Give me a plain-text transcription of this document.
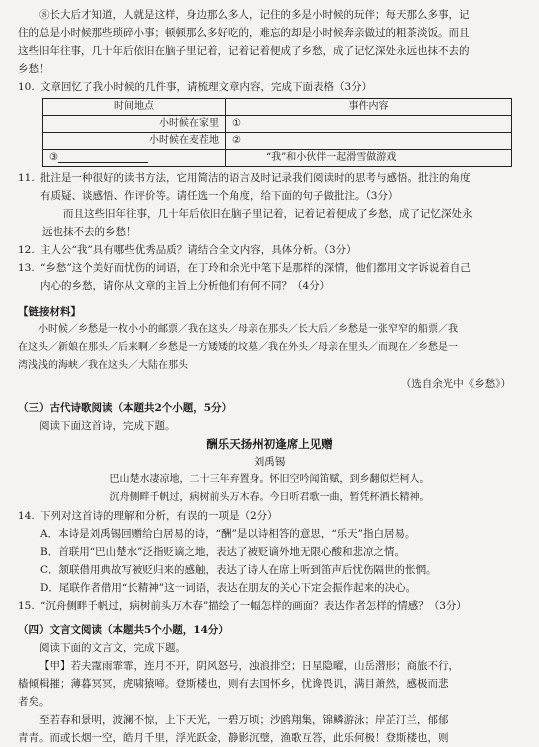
⑧长大后才知道，人就是这样，身边那么多人，记住的多是小时候的玩伴；每天那么多事，记
住的总是小时候那些琐碎小事；顿顿那么多好吃的，难忘的却是小时候奔亲做过的粗茶淡饭。而且
这些旧年往事，几十年后依旧在脑子里记着，记着记着便成了乡愁，成了记忆深处永远也抹不去的
乡愁！

10. 文章回忆了我小时候的几件事，请梳理文章内容，完成下面表格（3分）

时间地点	事件内容
小时候在家里	①
小时候在麦茬地	②
③	“我”和小伙伴一起滑雪做游戏

11. 批注是一种很好的读书方法，它用简洁的语言及时记录我们阅读时的思考与感悟。批注的角度
有质疑、谈感悟、作评价等。请任选一个角度，给下面的句子做批注。（3分）

而且这些旧年往事，几十年后依旧在脑子里记着，记着记着便成了乡愁，成了记忆深处永
远也抹不去的乡愁！

12. 主人公“我”具有哪些优秀品质？请结合全文内容，具体分析。（3分）

13. “乡愁”这个美好而忧伤的词语，在丁玲和余光中笔下是那样的深情，他们都用文字诉说着自己
内心的乡愁，请你从文章的主旨上分析他们有何不同？（4分）

【链接材料】

小时候／乡愁是一枚小小的邮票／我在这头／母亲在那头／长大后／乡愁是一张窄窄的船票／我
在这头／新娘在那头／后来啊／乡愁是一方矮矮的坟墓／我在外头／母亲在里头／而现在／乡愁是一
湾浅浅的海峡／我在这头／大陆在那头

（选自余光中《乡愁》）

（三）古代诗歌阅读（本题共2个小题，5分）

阅读下面这首诗，完成下题。

酬乐天扬州初逢席上见赠

刘禹锡

巴山楚水凄凉地，二十三年弃置身。怀旧空吟闻笛赋，到乡翻似烂柯人。
沉舟侧畔千帆过，病树前头万木春。今日听君歌一曲，暂凭杯酒长精神。

14. 下列对这首诗的理解和分析，有误的一项是（2分）

A．本诗是刘禹锡回赠给白居易的诗，“酬”是以诗相答的意思，“乐天”指白居易。

B．首联用“巴山楚水”泛指贬谪之地，表达了被贬谪外地无限心酸和悲凉之情。

C．颔联借用典故写被贬归来的感触，表达了诗人在席上听到笛声后忧伤隔世的怅惘。

D．尾联作者借用“长精神”这一词语，表达在朋友的关心下定会振作起来的决心。

15. “沉舟侧畔千帆过，病树前头万木春”描绘了一幅怎样的画面？表达作者怎样的情感？（3分）

（四）文言文阅读（本题共5个小题，14分）

阅读下面的文言文，完成下题。

【甲】若夫霪雨霏霏，连月不开，阴风怒号，浊浪排空；日星隐曜，山岳潜形；商旅不行，
樯倾楫摧；薄暮冥冥，虎啸猿啼。登斯楼也，则有去国怀乡，忧谗畏讥，满目萧然，感极而悲
者矣。

至若春和景明，波澜不惊，上下天光，一碧万顷；沙鸥翔集，锦鳞游泳；岸芷汀兰，郁郁
青青。而或长烟一空，皓月千里，浮光跃金，静影沉璧，渔歌互答，此乐何极！登斯楼也，则
